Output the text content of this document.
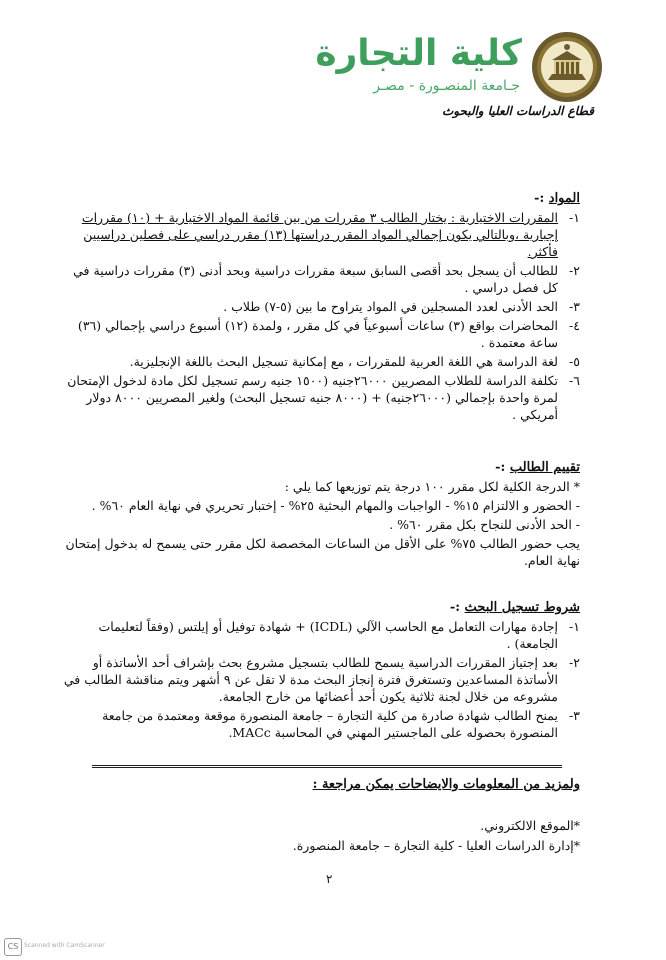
كلية التجارة
جـامعة المنصـورة - مصـر
قطاع الدراسات العليا والبحوث
المواد :-
١-
المقررات الاختيارية : يختار الطالب ٣ مقررات من بين قائمة المواد الاختيارية + (١٠) مقررات إجبارية ،وبالتالي يكون إجمالي المواد المقرر دراستها (١٣) مقرر دراسي على فصلين دراسيين فأكثر.
٢-
للطالب أن يسجل بحد أقصى السابق سبعة مقررات دراسية وبحد أدنى (٣) مقررات دراسية في كل فصل دراسي .
٣-
الحد الأدنى لعدد المسجلين في المواد يتراوح ما بين (٥-٧) طلاب .
٤-
المحاضرات بواقع (٣) ساعات أسبوعياً في كل مقرر ، ولمدة (١٢) أسبوع دراسي بإجمالي (٣٦) ساعة معتمدة .
٥-
لغة الدراسة هي اللغة العربية للمقررات ، مع إمكانية تسجيل البحث باللغة الإنجليزية.
٦-
تكلفة الدراسة للطلاب المصريين ٢٦٠٠٠جنيه (١٥٠٠ جنيه رسم تسجيل لكل مادة لدخول الإمتحان لمرة واحدة بإجمالي (٢٦٠٠٠جنيه) + (٨٠٠٠ جنيه تسجيل البحث) ولغير المصريين ٨٠٠٠ دولار أمريكي .
تقييم الطالب :-

* الدرجة الكلية لكل مقرر ١٠٠ درجة يتم توزيعها كما يلي :

- الحضور و الالتزام ١٥% - الواجبات والمهام البحثية ٢٥% - إختبار تحريري في نهاية العام ٦٠% .

- الحد الأدنى للنجاح بكل مقرر ٦٠% .

يجب حضور الطالب ٧٥% على الأقل من الساعات المخصصة لكل مقرر حتى يسمح له بدخول إمتحان نهاية العام.

شروط تسجيل البحث :-
١-
إجادة مهارات التعامل مع الحاسب الآلي (ICDL) + شهادة توفيل أو إيلتس (وفقاً لتعليمات الجامعة) .
٢-
بعد إجتياز المقررات الدراسية يسمح للطالب بتسجيل مشروع بحث بإشراف أحد الأساتذة أو الأساتذة المساعدين وتستغرق فترة إنجاز البحث مدة لا تقل عن ٩ أشهر ويتم مناقشة الطالب في مشروعه من خلال لجنة ثلاثية يكون أحد أعضائها من خارج الجامعة.
٣-
يمنح الطالب شهادة صادرة من كلية التجارة – جامعة المنصورة موقعة ومعتمدة من جامعة المنصورة بحصوله على الماجستير المهني في المحاسبة MACc.
ولمزيد من المعلومات والايضاحات يمكن مراجعة :

*الموقع الالكتروني.

*إدارة الدراسات العليا - كلية التجارة – جامعة المنصورة.

٢
CS Scanned with CamScanner
